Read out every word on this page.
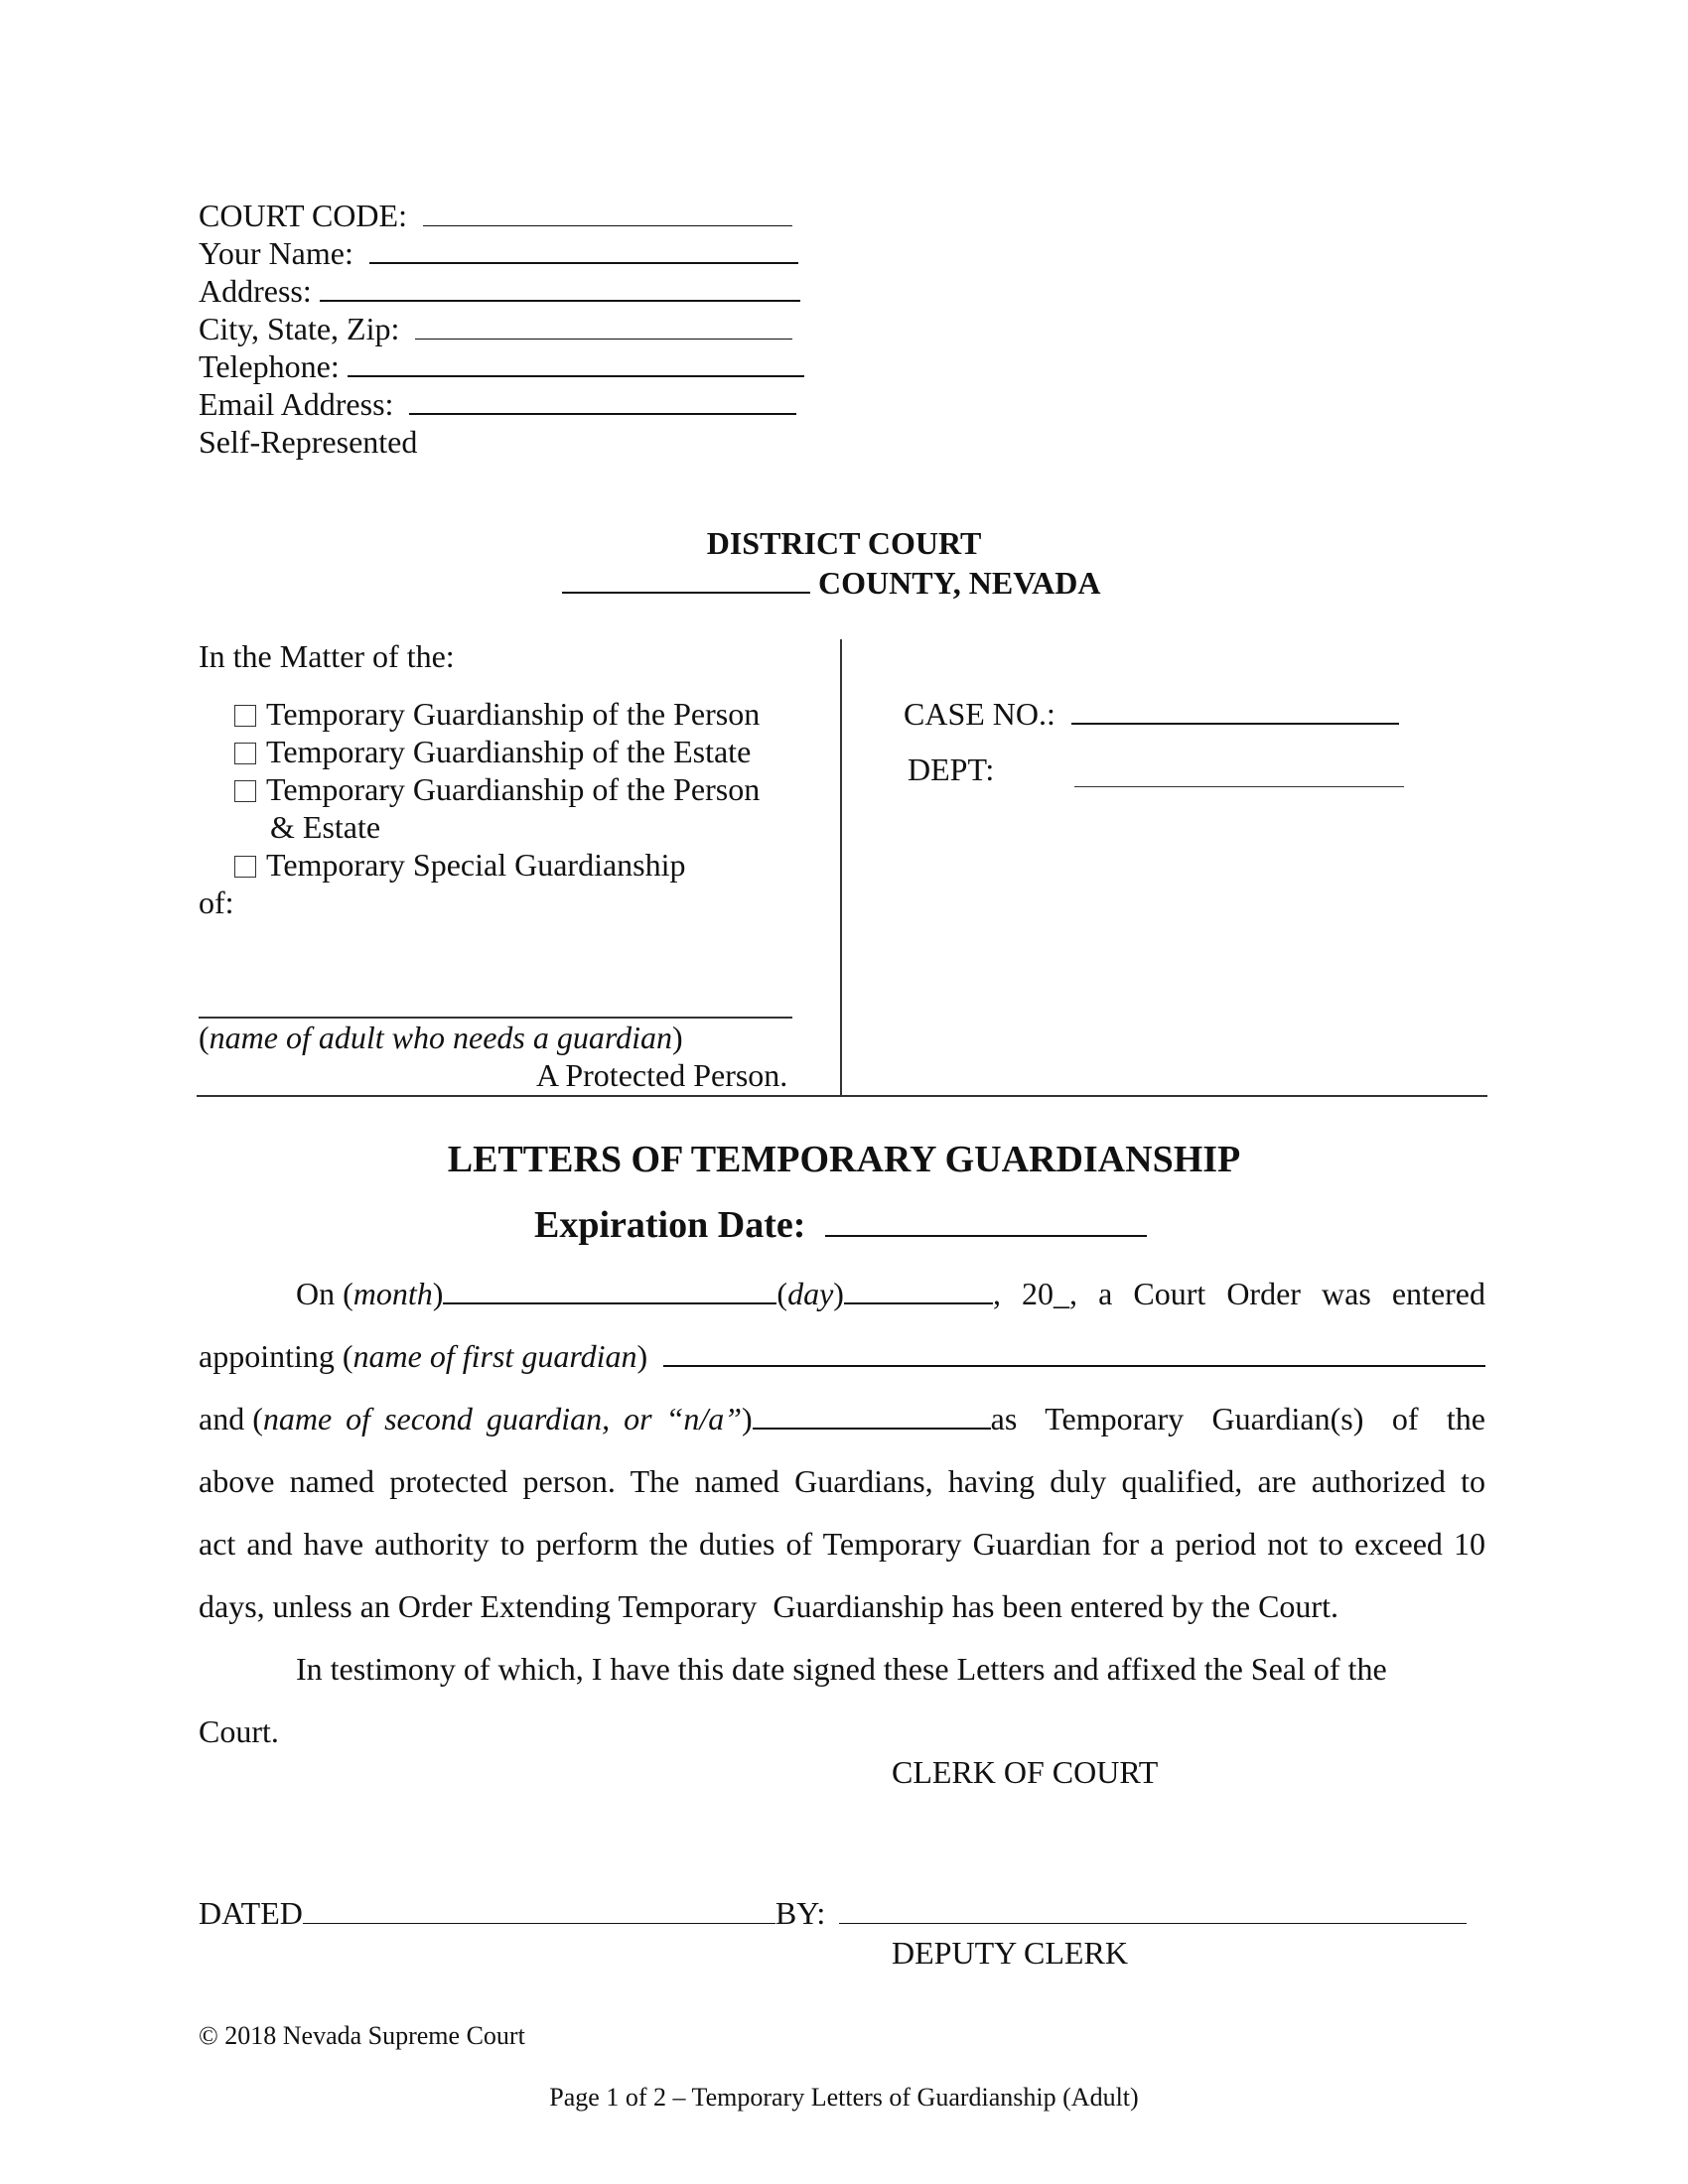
COURT CODE:
Your Name:
Address:
City, State, Zip:
Telephone:
Email Address:
Self-Represented
DISTRICT COURT
COUNTY, NEVADA
In the Matter of the:
Temporary Guardianship of the Person
Temporary Guardianship of the Estate
Temporary Guardianship of the Person
& Estate
Temporary Special Guardianship
of:
(name of adult who needs a guardian)
A Protected Person.
CASE NO.:
DEPT:
LETTERS OF TEMPORARY GUARDIANSHIP
Expiration Date:
On ( month )	( day )	, 20_, a Court Order was entered
appointing ( name of first guardian )
and ( name of second guardian, or “n/a” )	as Temporary Guardian(s) of the
above named protected person. The named Guardians, having duly qualified, are authorized to
act and have authority to perform the duties of Temporary Guardian for a period not to exceed 10
days, unless an Order Extending Temporary  Guardianship has been entered by the Court.
In testimony of which, I have this date signed these Letters and affixed the Seal of the
Court.
CLERK OF COURT
DATED	BY:
DEPUTY CLERK
© 2018 Nevada Supreme Court
Page 1 of 2 – Temporary Letters of Guardianship (Adult)
